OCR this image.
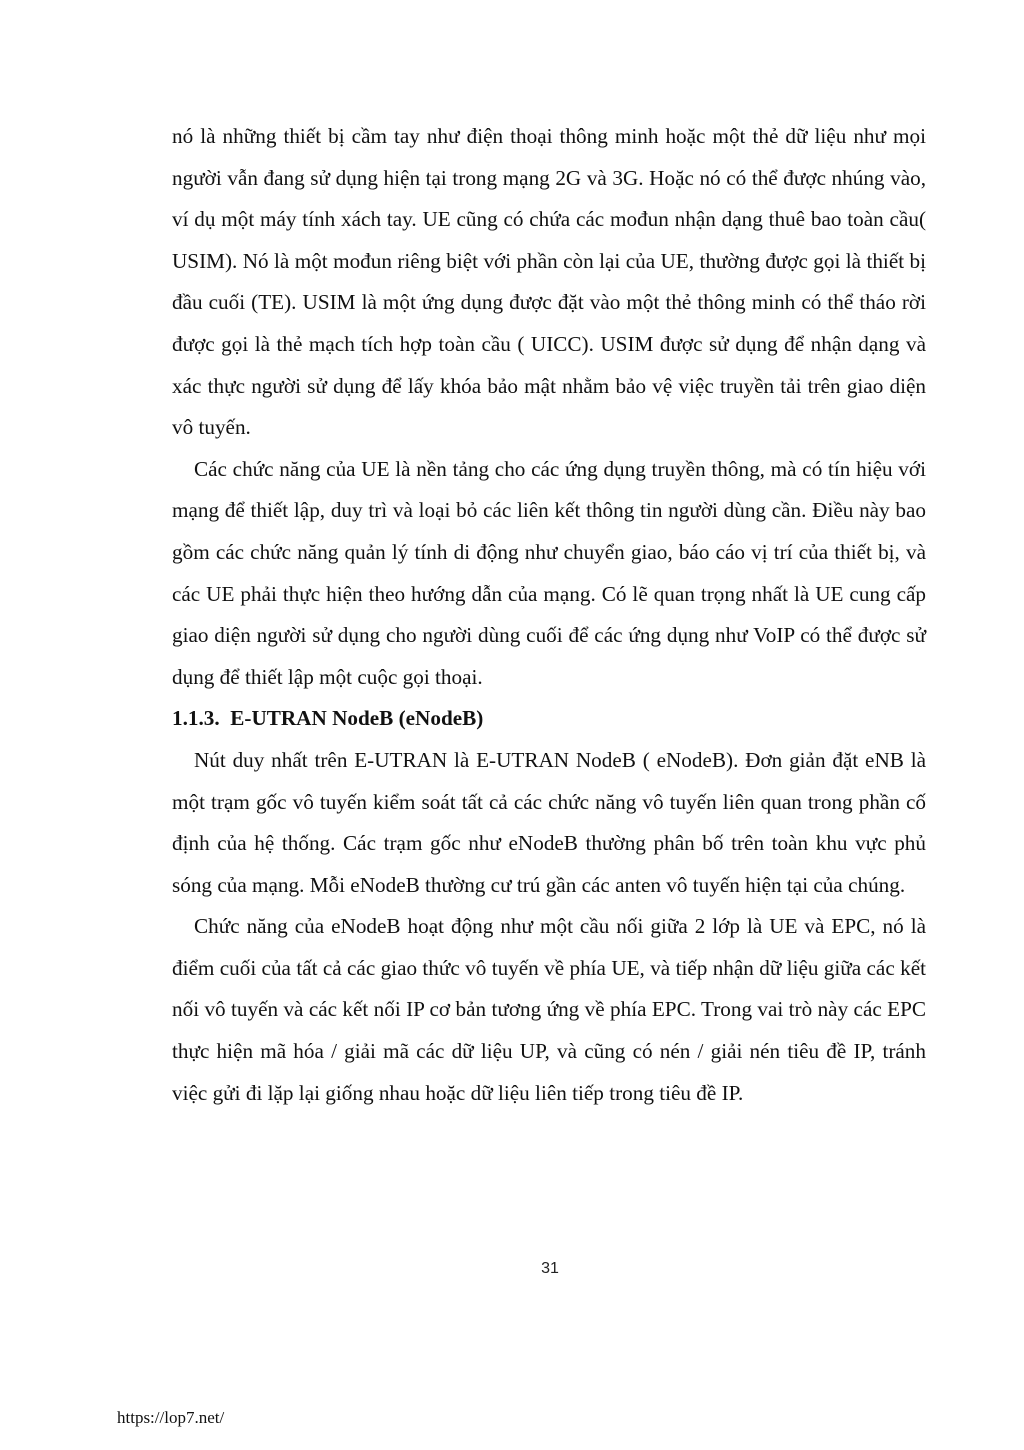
nó là những thiết bị cầm tay như điện thoại thông minh hoặc một thẻ dữ liệu như mọi người vẫn đang sử dụng hiện tại trong mạng 2G và 3G. Hoặc nó có thể được nhúng vào, ví dụ một máy tính xách tay. UE cũng có chứa các mođun nhận dạng thuê bao toàn cầu( USIM). Nó là một mođun riêng biệt với phần còn lại của UE, thường được gọi là thiết bị đầu cuối (TE). USIM là một ứng dụng được đặt vào một thẻ thông minh có thể tháo rời được gọi là thẻ mạch tích hợp toàn cầu ( UICC). USIM được sử dụng để nhận dạng và xác thực người sử dụng để lấy khóa bảo mật nhằm bảo vệ việc truyền tải trên giao diện vô tuyến.

Các chức năng của UE là nền tảng cho các ứng dụng truyền thông, mà có tín hiệu với mạng để thiết lập, duy trì và loại bỏ các liên kết thông tin người dùng cần. Điều này bao gồm các chức năng quản lý tính di động như chuyển giao, báo cáo vị trí của thiết bị, và các UE phải thực hiện theo hướng dẫn của mạng. Có lẽ quan trọng nhất là UE cung cấp giao diện người sử dụng cho người dùng cuối để các ứng dụng như VoIP có thể được sử dụng để thiết lập một cuộc gọi thoại.

1.1.3.  E-UTRAN NodeB (eNodeB)

Nút duy nhất trên E-UTRAN là E-UTRAN NodeB ( eNodeB). Đơn giản đặt eNB là một trạm gốc vô tuyến kiểm soát tất cả các chức năng vô tuyến liên quan trong phần cố định của hệ thống. Các trạm gốc như eNodeB thường phân bố trên toàn khu vực phủ sóng của mạng. Mỗi eNodeB thường cư trú gần các anten vô tuyến hiện tại của chúng.

Chức năng của eNodeB hoạt động như một cầu nối giữa 2 lớp là UE và EPC, nó là điểm cuối của tất cả các giao thức vô tuyến về phía UE, và tiếp nhận dữ liệu giữa các kết nối vô tuyến và các kết nối IP cơ bản tương ứng về phía EPC. Trong vai trò này các EPC thực hiện mã hóa / giải mã các dữ liệu UP, và cũng có nén / giải nén tiêu đề IP, tránh việc gửi đi lặp lại giống nhau hoặc dữ liệu liên tiếp trong tiêu đề IP.

31
https://lop7.net/
